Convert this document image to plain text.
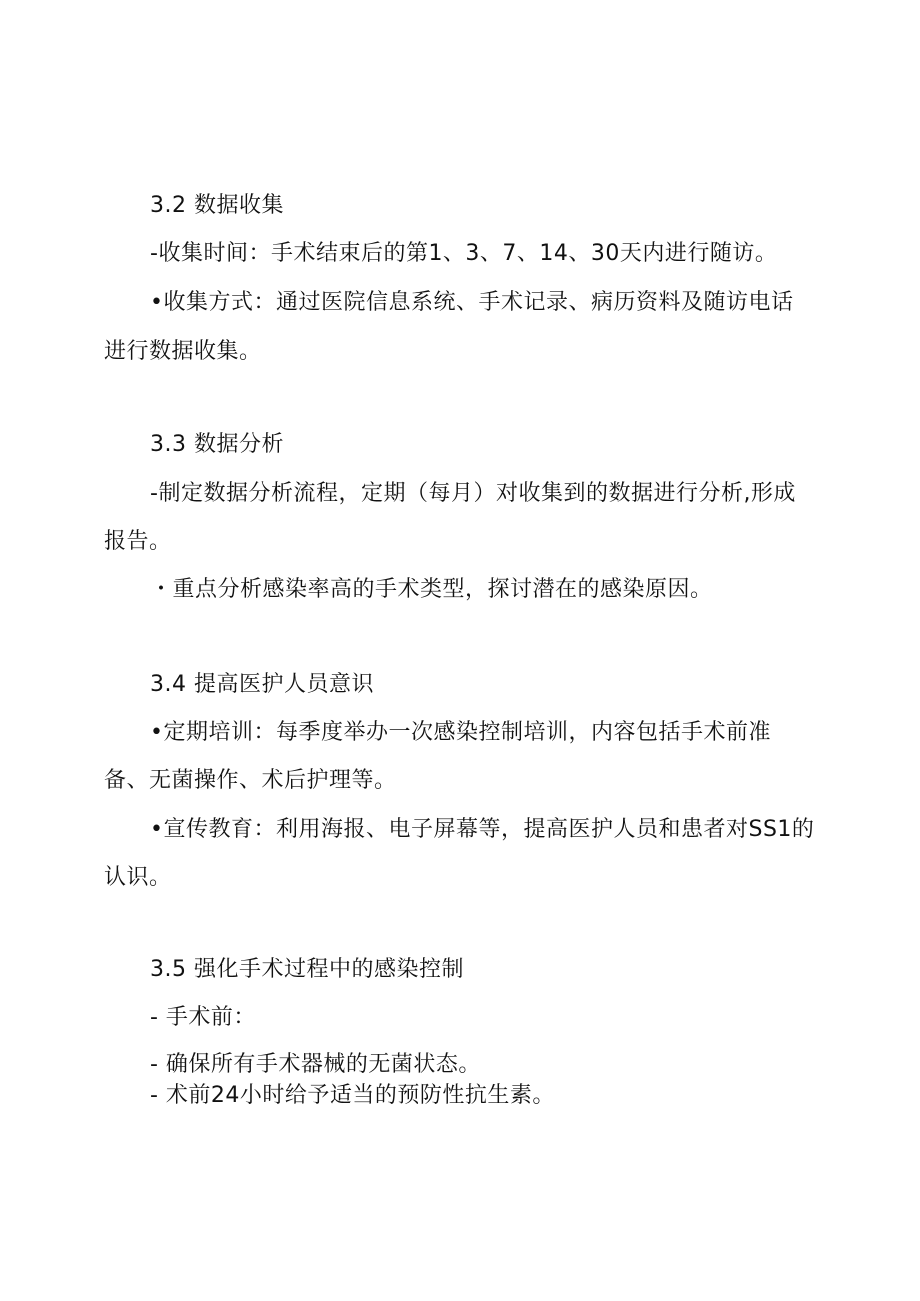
3.2 数据收集
-收集时间：手术结束后的第1、3、7、14、30天内进行随访。
•收集方式：通过医院信息系统、手术记录、病历资料及随访电话
进行数据收集。
3.3 数据分析
-制定数据分析流程，定期（每月）对收集到的数据进行分析,形成
报告。
・重点分析感染率高的手术类型，探讨潜在的感染原因。
3.4 提高医护人员意识
•定期培训：每季度举办一次感染控制培训，内容包括手术前准
备、无菌操作、术后护理等。
•宣传教育：利用海报、电子屏幕等，提高医护人员和患者对SS1的
认识。
3.5 强化手术过程中的感染控制
- 手术前：
- 确保所有手术器械的无菌状态。
- 术前24小时给予适当的预防性抗生素。
